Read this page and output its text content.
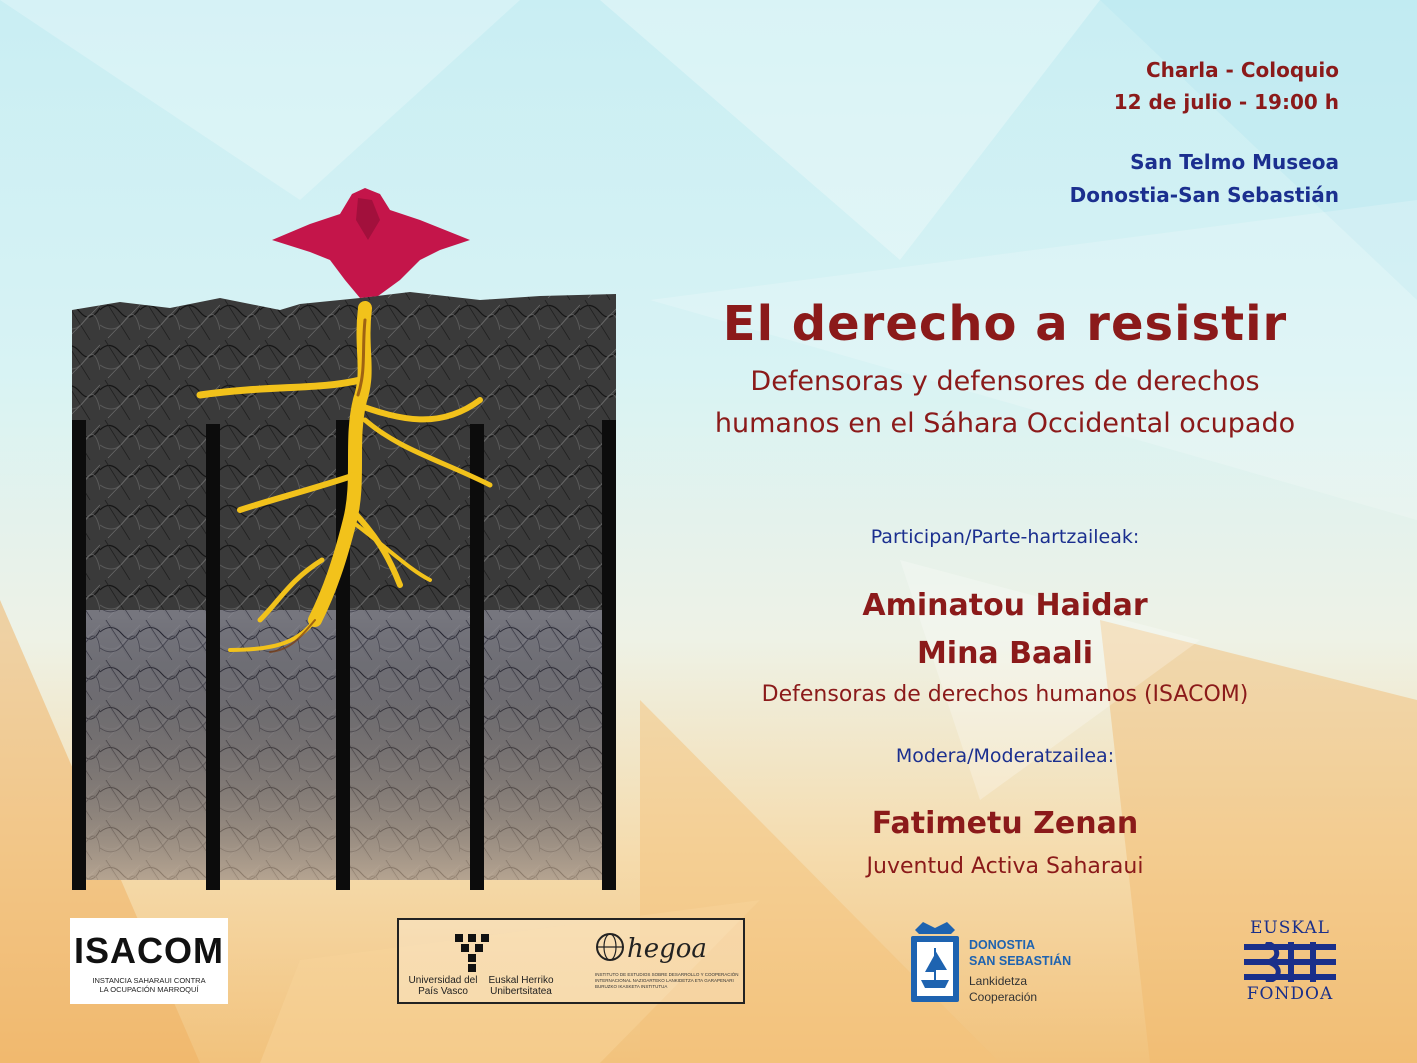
Charla - Coloquio
12 de julio - 19:00 h
San Telmo Museoa
Donostia-San Sebastián
El derecho a resistir
Defensoras y defensores de derechos
humanos en el Sáhara Occidental ocupado
Participan/Parte-hartzaileak:
Aminatou Haidar
Mina Baali
Defensoras de derechos humanos (ISACOM)
Modera/Moderatzailea:
Fatimetu Zenan
Juventud Activa Saharaui
ISACOM
INSTANCIA SAHARAUI CONTRA
LA OCUPACIÓN MARROQUÍ
Universidad del País Vasco
Euskal Herriko Unibertsitatea
hegoa
INSTITUTO DE ESTUDIOS SOBRE DESARROLLO Y COOPERACIÓN INTERNACIONAL NAZIOARTEKO LANKIDETZA ETA GARAPENARI BURUZKO IKASKETA INSTITUTUA
DONOSTIA
SAN SEBASTIÁN
Lankidetza
Cooperación
EUSKAL
FONDOA
